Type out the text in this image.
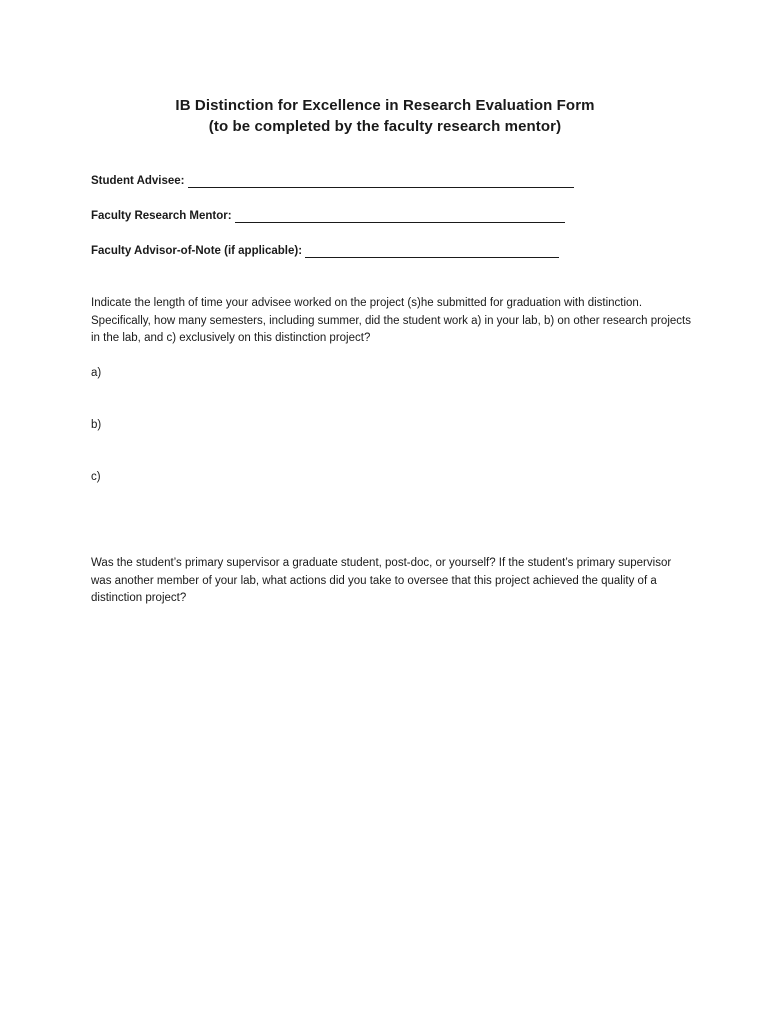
IB Distinction for Excellence in Research Evaluation Form
(to be completed by the faculty research mentor)
Student Advisee:
Faculty Research Mentor:
Faculty Advisor-of-Note (if applicable):
Indicate the length of time your advisee worked on the project (s)he submitted for graduation with distinction. Specifically, how many semesters, including summer, did the student work a) in your lab, b) on other research projects in the lab, and c) exclusively on this distinction project?
a)
b)
c)
Was the student’s primary supervisor a graduate student, post-doc, or yourself? If the student’s primary supervisor was another member of your lab, what actions did you take to oversee that this project achieved the quality of a distinction project?
